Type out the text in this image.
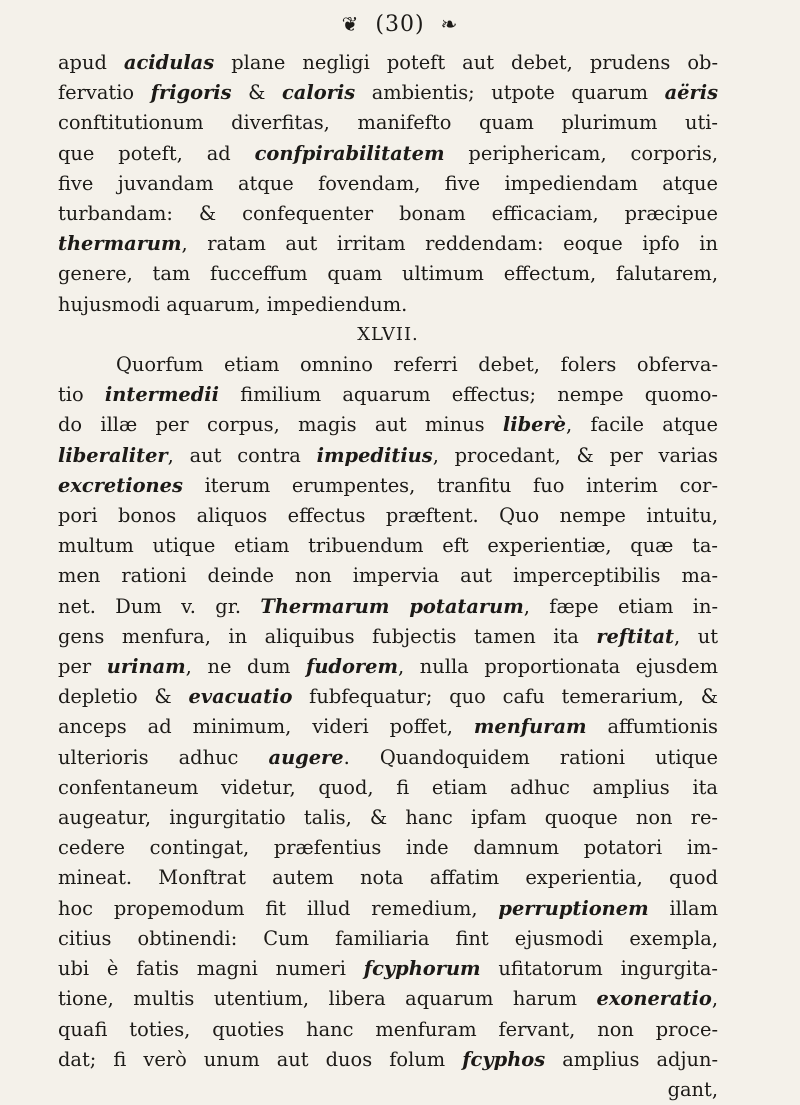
❦ (30) ❧
apud acidulas plane negligi poteft aut debet, prudens ob-
fervatio frigoris & caloris ambientis; utpote quarum aëris
conftitutionum diverfitas, manifefto quam plurimum uti-
que poteft, ad confpirabilitatem periphericam, corporis,
five juvandam atque fovendam, five impediendam atque
turbandam: & confequenter bonam efficaciam, præcipue
thermarum, ratam aut irritam reddendam: eoque ipfo in
genere, tam fucceffum quam ultimum effectum, falutarem,
hujusmodi aquarum, impediendum.
XLVII.
Quorfum etiam omnino referri debet, folers obferva-
tio intermedii fimilium aquarum effectus; nempe quomo-
do illæ per corpus, magis aut minus liberè, facile atque
liberaliter, aut contra impeditius, procedant, & per varias
excretiones iterum erumpentes, tranfitu fuo interim cor-
pori bonos aliquos effectus præftent. Quo nempe intuitu,
multum utique etiam tribuendum eft experientiæ, quæ ta-
men rationi deinde non impervia aut imperceptibilis ma-
net. Dum v. gr. Thermarum potatarum, fæpe etiam in-
gens menfura, in aliquibus fubjectis tamen ita reftitat, ut
per urinam, ne dum fudorem, nulla proportionata ejusdem
depletio & evacuatio fubfequatur; quo cafu temerarium, &
anceps ad minimum, videri poffet, menfuram affumtionis
ulterioris adhuc augere. Quandoquidem rationi utique
confentaneum videtur, quod, fi etiam adhuc amplius ita
augeatur, ingurgitatio talis, & hanc ipfam quoque non re-
cedere contingat, præfentius inde damnum potatori im-
mineat. Monftrat autem nota affatim experientia, quod
hoc propemodum fit illud remedium, perruptionem illam
citius obtinendi: Cum familiaria fint ejusmodi exempla,
ubi è fatis magni numeri fcyphorum ufitatorum ingurgita-
tione, multis utentium, libera aquarum harum exoneratio,
quafi toties, quoties hanc menfuram fervant, non proce-
dat; fi verò unum aut duos folum fcyphos amplius adjun-
gant,
